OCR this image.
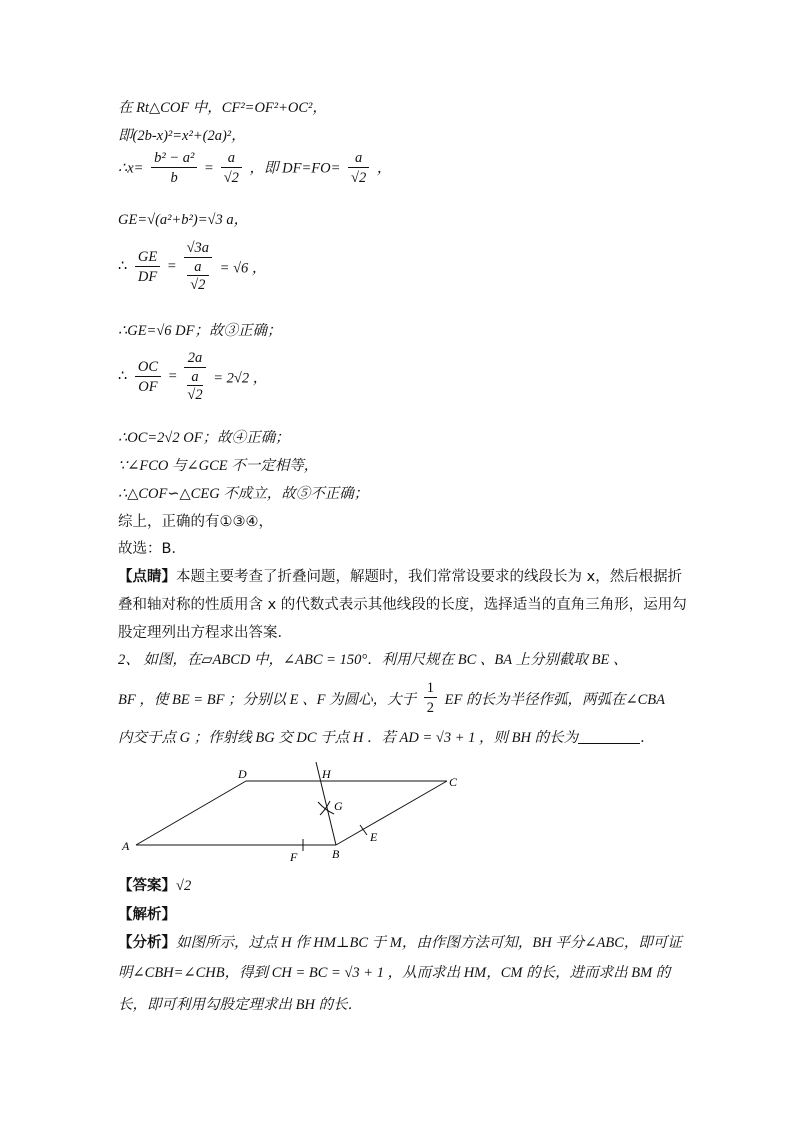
在 Rt△COF 中，CF²=OF²+OC²，
即(2b-x)²=x²+(2a)²，
∴x= $\frac{\text{b² − a²}}{b} = \frac{a}{√2}$ ，即 $DF=FO= \frac{a}{√2}$ ，
GE=√(a²+b²)=√3 a，
∴ $\frac{GE}{DF} = √3a$
a
√2 = √6 ，
∴GE=√6 DF；故③正确；
∴ $\frac{OC}{OF} = 2a$
a
√2 = 2√2 ，
∴OC=2√2 OF；故④正确；
∵∠FCO 与∠GCE 不一定相等，
∴△COF∽△CEG 不成立，故⑤不正确；
综上，正确的有①③④，
故选：B．
【点睛】本题主要考查了折叠问题，解题时，我们常常设要求的线段长为 x，然后根据折
叠和轴对称的性质用含 x 的代数式表示其他线段的长度，选择适当的直角三角形，运用勾
股定理列出方程求出答案．
2、 如图，在▱ABCD 中，∠ABC = 150°．利用尺规在 BC 、BA 上分别截取 BE 、
BF ，使 BE = BF ；分别以 E 、F 为圆心，大于 $\frac{1}{2}$ EF 的长为半径作弧，两弧在∠CBA
内交于点 G ；作射线 BG 交 DC 于点 H ．若 AD = √3 + 1 ，则 BH 的长为	．
A
B
C
D
E
F
G
H
【答案】√2
【解析】
【分析】如图所示，过点 H 作 HM⊥BC 于 M，由作图方法可知，BH 平分∠ABC，即可证
明∠CBH=∠CHB，得到 CH = BC = √3 + 1 ，从而求出 HM，CM 的长，进而求出 BM 的
长，即可利用勾股定理求出 BH 的长．
